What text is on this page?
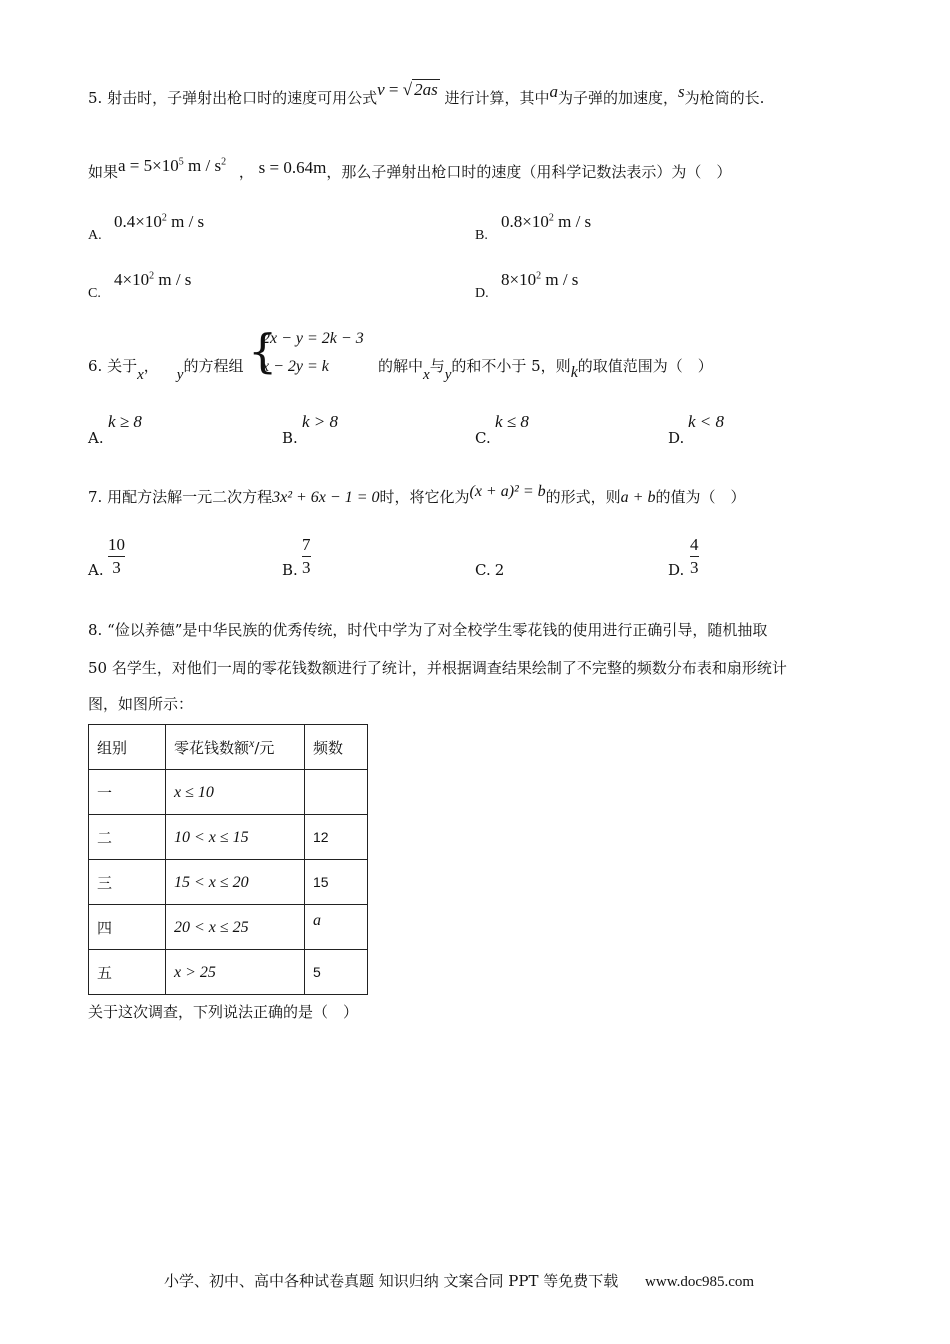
5. 射击时，子弹射出枪口时的速度可用公式v = √ 2as 进行计算，其中a为子弹的加速度，s为枪筒的长.
如果$a = 5\times 10^5$ m / $s^2$ ， s = 0.64m，那么子弹射出枪口时的速度（用科学记数法表示）为（　）
A.
$0.4\times 10^2$ m / s
B.
$0.8\times 10^2$ m / s
C.
$4\times 10^2$ m / s
D.
$8\times 10^2$ m / s
6. 关于x， y的方程组 {
2x − y = 2k − 3
x − 2y = k	的解中x与y的和不小于 5，则k的取值范围为（　）
A.
k ≥ 8
B.
k > 8
C.
k ≤ 8
D.
k < 8
7. 用配方法解一元二次方程3x² + 6x − 1 = 0时，将它化为(x + a)² = b的形式，则a + b的值为（　）
A.
10
3	B.
7
3	C. 2	D.
4
3
8. “俭以养德”是中华民族的优秀传统，时代中学为了对全校学生零花钱的使用进行正确引导，随机抽取
50 名学生，对他们一周的零花钱数额进行了统计，并根据调查结果绘制了不完整的频数分布表和扇形统计
图，如图所示：
组别	零花钱数额$^x$/元	频数
一	x ≤ 10	
二	10 < x ≤ 15	12
三	15 < x ≤ 20	15
四	20 < x ≤ 25	a
五	x > 25	5
关于这次调查，下列说法正确的是（　）
小学、初中、高中各种试卷真题 知识归纳 文案合同 PPT 等免费下载 www.doc985.com
